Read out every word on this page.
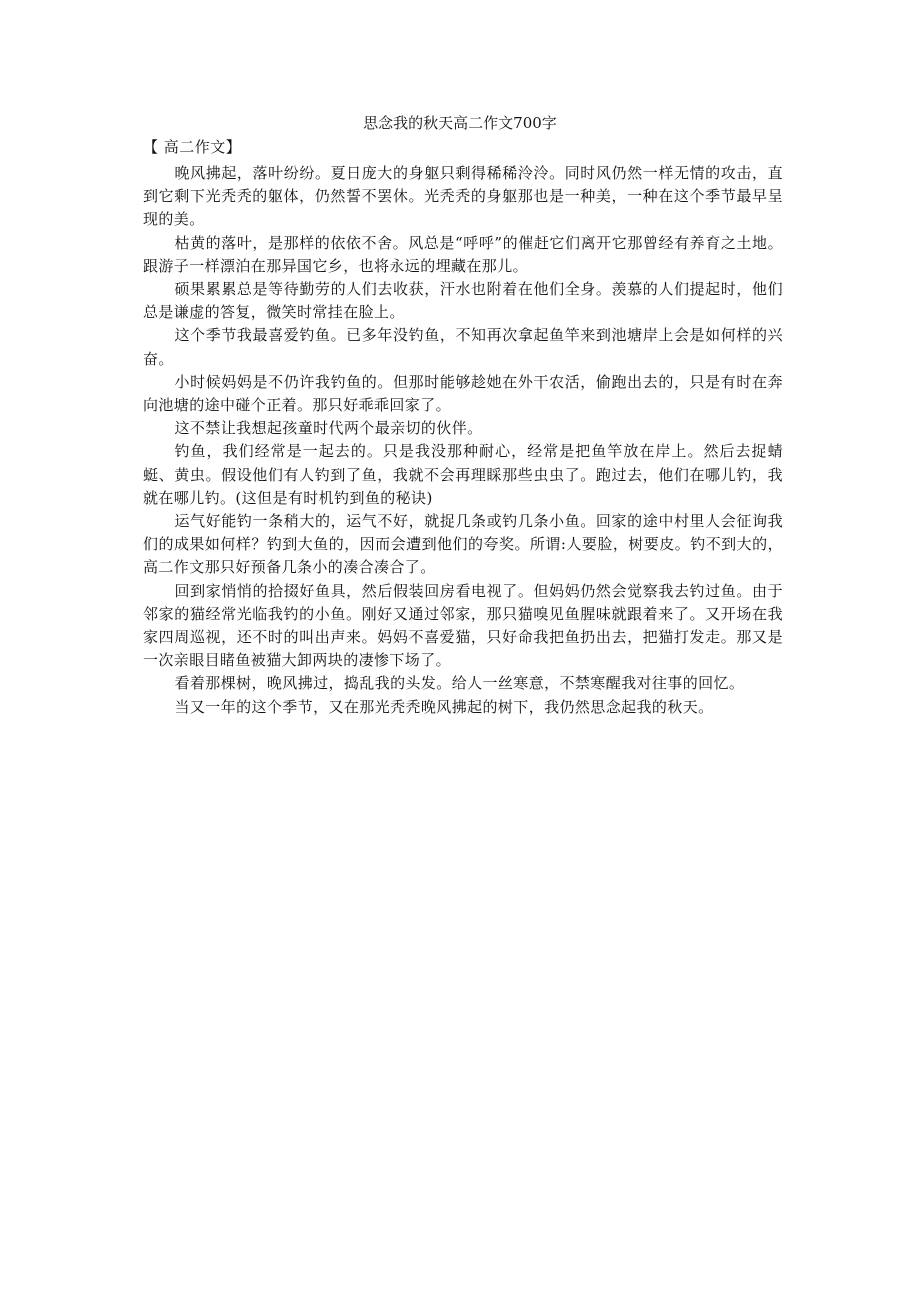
思念我的秋天高二作文700字
【 高二作文】

晚风拂起，落叶纷纷。夏日庞大的身躯只剩得稀稀泠泠。同时风仍然一样无情的攻击，直到它剩下光秃秃的躯体，仍然誓不罢休。光秃秃的身躯那也是一种美，一种在这个季节最早呈现的美。

枯黄的落叶，是那样的依依不舍。风总是“呼呼”的催赶它们离开它那曾经有养育之土地。跟游子一样漂泊在那异国它乡，也将永远的埋藏在那儿。

硕果累累总是等待勤劳的人们去收获，汗水也附着在他们全身。羡慕的人们提起时，他们总是谦虚的答复，微笑时常挂在脸上。

这个季节我最喜爱钓鱼。已多年没钓鱼，不知再次拿起鱼竿来到池塘岸上会是如何样的兴奋。

小时候妈妈是不仍许我钓鱼的。但那时能够趁她在外干农活，偷跑出去的，只是有时在奔向池塘的途中碰个正着。那只好乖乖回家了。

这不禁让我想起孩童时代两个最亲切的伙伴。

钓鱼，我们经常是一起去的。只是我没那种耐心，经常是把鱼竿放在岸上。然后去捉蜻蜓、黄虫。假设他们有人钓到了鱼，我就不会再理睬那些虫虫了。跑过去，他们在哪儿钓，我就在哪儿钓。(这但是有时机钓到鱼的秘诀)

运气好能钓一条稍大的，运气不好，就捉几条或钓几条小鱼。回家的途中村里人会征询我们的成果如何样？钓到大鱼的，因而会遭到他们的夸奖。所谓:人要脸，树要皮。钓不到大的，高二作文那只好预备几条小的凑合凑合了。

回到家悄悄的拾掇好鱼具，然后假装回房看电视了。但妈妈仍然会觉察我去钓过鱼。由于邻家的猫经常光临我钓的小鱼。刚好又通过邻家，那只猫嗅见鱼腥味就跟着来了。又开场在我家四周巡视，还不时的叫出声来。妈妈不喜爱猫，只好命我把鱼扔出去，把猫打发走。那又是一次亲眼目睹鱼被猫大卸两块的凄惨下场了。

看着那棵树，晚风拂过，捣乱我的头发。给人一丝寒意，不禁寒醒我对往事的回忆。

当又一年的这个季节，又在那光秃秃晚风拂起的树下，我仍然思念起我的秋天。
